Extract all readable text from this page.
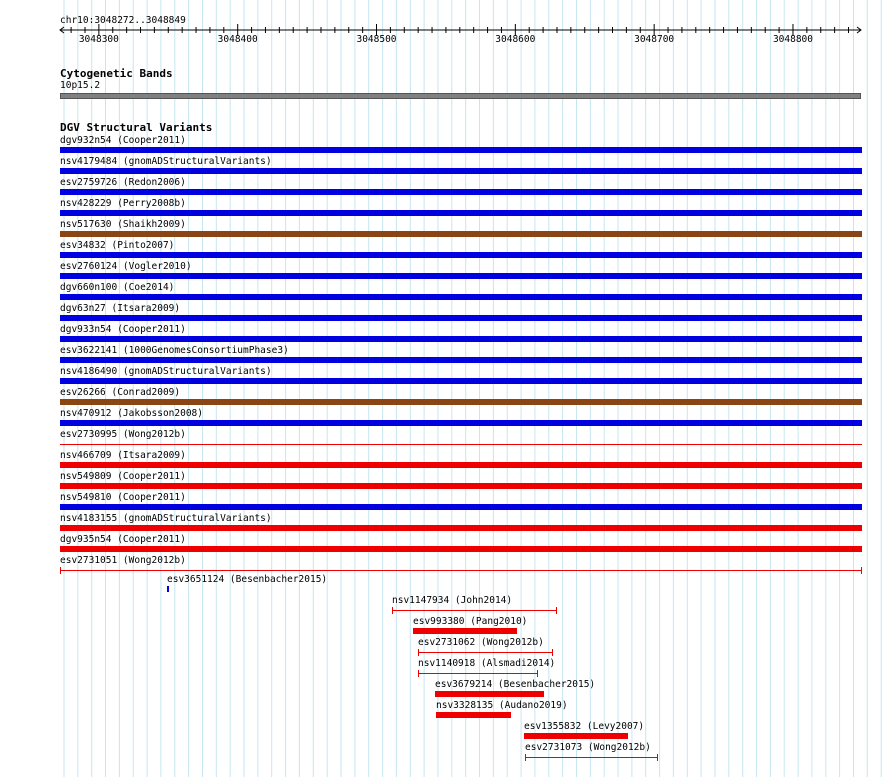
chr10:3048272..3048849
Cytogenetic Bands
10p15.2
DGV Structural Variants
3048300	3048400	3048500	3048600	3048700	3048800
dgv932n54 (Cooper2011)
nsv4179484 (gnomADStructuralVariants)
esv2759726 (Redon2006)
nsv428229 (Perry2008b)
nsv517630 (Shaikh2009)
esv34832 (Pinto2007)
esv2760124 (Vogler2010)
dgv660n100 (Coe2014)
dgv63n27 (Itsara2009)
dgv933n54 (Cooper2011)
esv3622141 (1000GenomesConsortiumPhase3)
nsv4186490 (gnomADStructuralVariants)
esv26266 (Conrad2009)
nsv470912 (Jakobsson2008)
esv2730995 (Wong2012b)
nsv466709 (Itsara2009)
nsv549809 (Cooper2011)
nsv549810 (Cooper2011)
nsv4183155 (gnomADStructuralVariants)
dgv935n54 (Cooper2011)
esv2731051 (Wong2012b)
esv3651124 (Besenbacher2015)
nsv1147934 (John2014)
esv993380 (Pang2010)
esv2731062 (Wong2012b)
nsv1140918 (Alsmadi2014)
esv3679214 (Besenbacher2015)
nsv3328135 (Audano2019)
esv1355832 (Levy2007)
esv2731073 (Wong2012b)
